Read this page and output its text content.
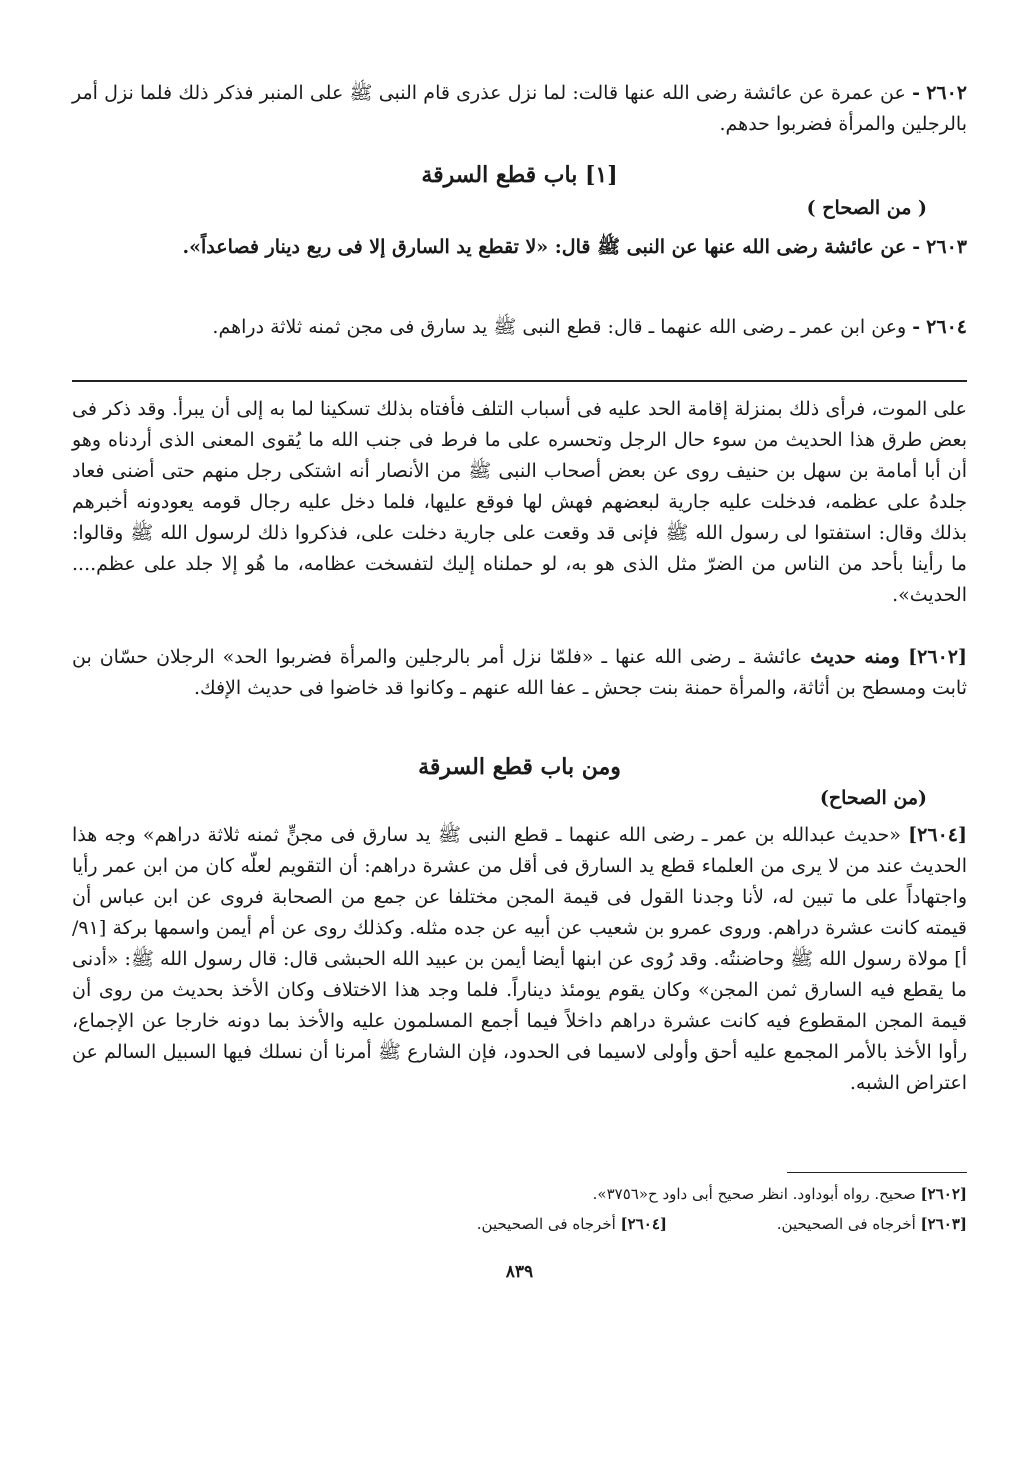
٢٦٠٢ - عن عمرة عن عائشة رضى الله عنها قالت: لما نزل عذرى قام النبى ﷺ على المنبر فذكر ذلك فلما نزل أمر بالرجلين والمرأة فضربوا حدهم.
[١] باب قطع السرقة
( من الصحاح )
٢٦٠٣ - عن عائشة رضى الله عنها عن النبى ﷺ قال: «لا تقطع يد السارق إلا فى ربع دينار فصاعداً».
٢٦٠٤ - وعن ابن عمر ـ رضى الله عنهما ـ قال: قطع النبى ﷺ يد سارق فى مجن ثمنه ثلاثة دراهم.
على الموت، فرأى ذلك بمنزلة إقامة الحد عليه فى أسباب التلف فأفتاه بذلك تسكينا لما به إلى أن يبرأ. وقد ذكر فى بعض طرق هذا الحديث من سوء حال الرجل وتحسره على ما فرط فى جنب الله ما يُقوى المعنى الذى أردناه وهو أن أبا أمامة بن سهل بن حنيف روى عن بعض أصحاب النبى ﷺ من الأنصار أنه اشتكى رجل منهم حتى أضنى فعاد جلدهُ على عظمه، فدخلت عليه جارية لبعضهم فهش لها فوقع عليها، فلما دخل عليه رجال قومه يعودونه أخبرهم بذلك وقال: استفتوا لى رسول الله ﷺ فإنى قد وقعت على جارية دخلت على، فذكروا ذلك لرسول الله ﷺ وقالوا: ما رأينا بأحد من الناس من الضرّ مثل الذى هو به، لو حملناه إليك لتفسخت عظامه، ما هُو إلا جلد على عظم.... الحديث».
[٢٦٠٢] ومنه حديث عائشة ـ رضى الله عنها ـ «فلمّا نزل أمر بالرجلين والمرأة فضربوا الحد» الرجلان حسّان بن ثابت ومسطح بن أثاثة، والمرأة حمنة بنت جحش ـ عفا الله عنهم ـ وكانوا قد خاضوا فى حديث الإفك.
ومن باب قطع السرقة
(من الصحاح)
[٢٦٠٤] «حديث عبدالله بن عمر ـ رضى الله عنهما ـ قطع النبى ﷺ يد سارق فى مجنٍّ ثمنه ثلاثة دراهم» وجه هذا الحديث عند من لا يرى من العلماء قطع يد السارق فى أقل من عشرة دراهم: أن التقويم لعلّه كان من ابن عمر رأيا واجتهاداً على ما تبين له، لأنا وجدنا القول فى قيمة المجن مختلفا عن جمع من الصحابة فروى عن ابن عباس أن قيمته كانت عشرة دراهم. وروى عمرو بن شعيب عن أبيه عن جده مثله. وكذلك روى عن أم أيمن واسمها بركة [٩١/أ] مولاة رسول الله ﷺ وحاضنتُه. وقد رُوى عن ابنها أيضا أيمن بن عبيد الله الحبشى قال: قال رسول الله ﷺ: «أدنى ما يقطع فيه السارق ثمن المجن» وكان يقوم يومئذ ديناراً. فلما وجد هذا الاختلاف وكان الأخذ بحديث من روى أن قيمة المجن المقطوع فيه كانت عشرة دراهم داخلاً فيما أجمع المسلمون عليه والأخذ بما دونه خارجا عن الإجماع، رأوا الأخذ بالأمر المجمع عليه أحق وأولى لاسيما فى الحدود، فإن الشارع ﷺ أمرنا أن نسلك فيها السبيل السالم عن اعتراض الشبه.
[٢٦٠٢] صحيح. رواه أبوداود. انظر صحيح أبى داود ح«٣٧٥٦».
[٢٦٠٣] أخرجاه فى الصحيحين.
[٢٦٠٤] أخرجاه فى الصحيحين.
٨٣٩
